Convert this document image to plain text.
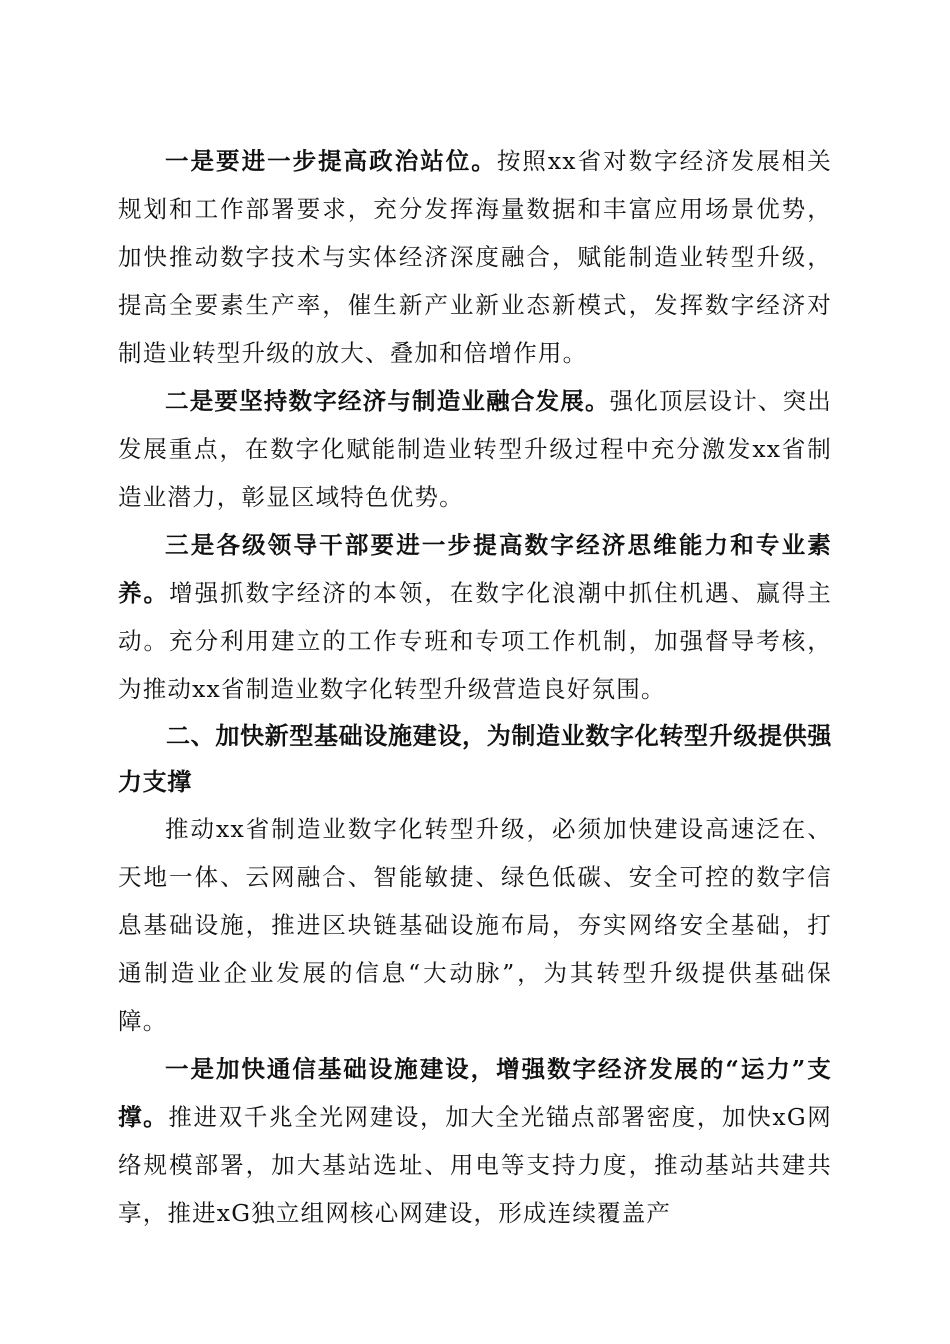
一是要进一步提高政治站位。按照xx省对数字经济发展相关规划和工作部署要求，充分发挥海量数据和丰富应用场景优势，加快推动数字技术与实体经济深度融合，赋能制造业转型升级，提高全要素生产率，催生新产业新业态新模式，发挥数字经济对制造业转型升级的放大、叠加和倍增作用。

二是要坚持数字经济与制造业融合发展。强化顶层设计、突出发展重点，在数字化赋能制造业转型升级过程中充分激发xx省制造业潜力，彰显区域特色优势。

三是各级领导干部要进一步提高数字经济思维能力和专业素养。增强抓数字经济的本领，在数字化浪潮中抓住机遇、赢得主动。充分利用建立的工作专班和专项工作机制，加强督导考核，为推动xx省制造业数字化转型升级营造良好氛围。

二、加快新型基础设施建设，为制造业数字化转型升级提供强力支撑

推动xx省制造业数字化转型升级，必须加快建设高速泛在、天地一体、云网融合、智能敏捷、绿色低碳、安全可控的数字信息基础设施，推进区块链基础设施布局，夯实网络安全基础，打通制造业企业发展的信息“大动脉”，为其转型升级提供基础保障。

一是加快通信基础设施建设，增强数字经济发展的“运力”支撑。推进双千兆全光网建设，加大全光锚点部署密度，加快xG网络规模部署，加大基站选址、用电等支持力度，推动基站共建共享，推进xG独立组网核心网建设，形成连续覆盖产
